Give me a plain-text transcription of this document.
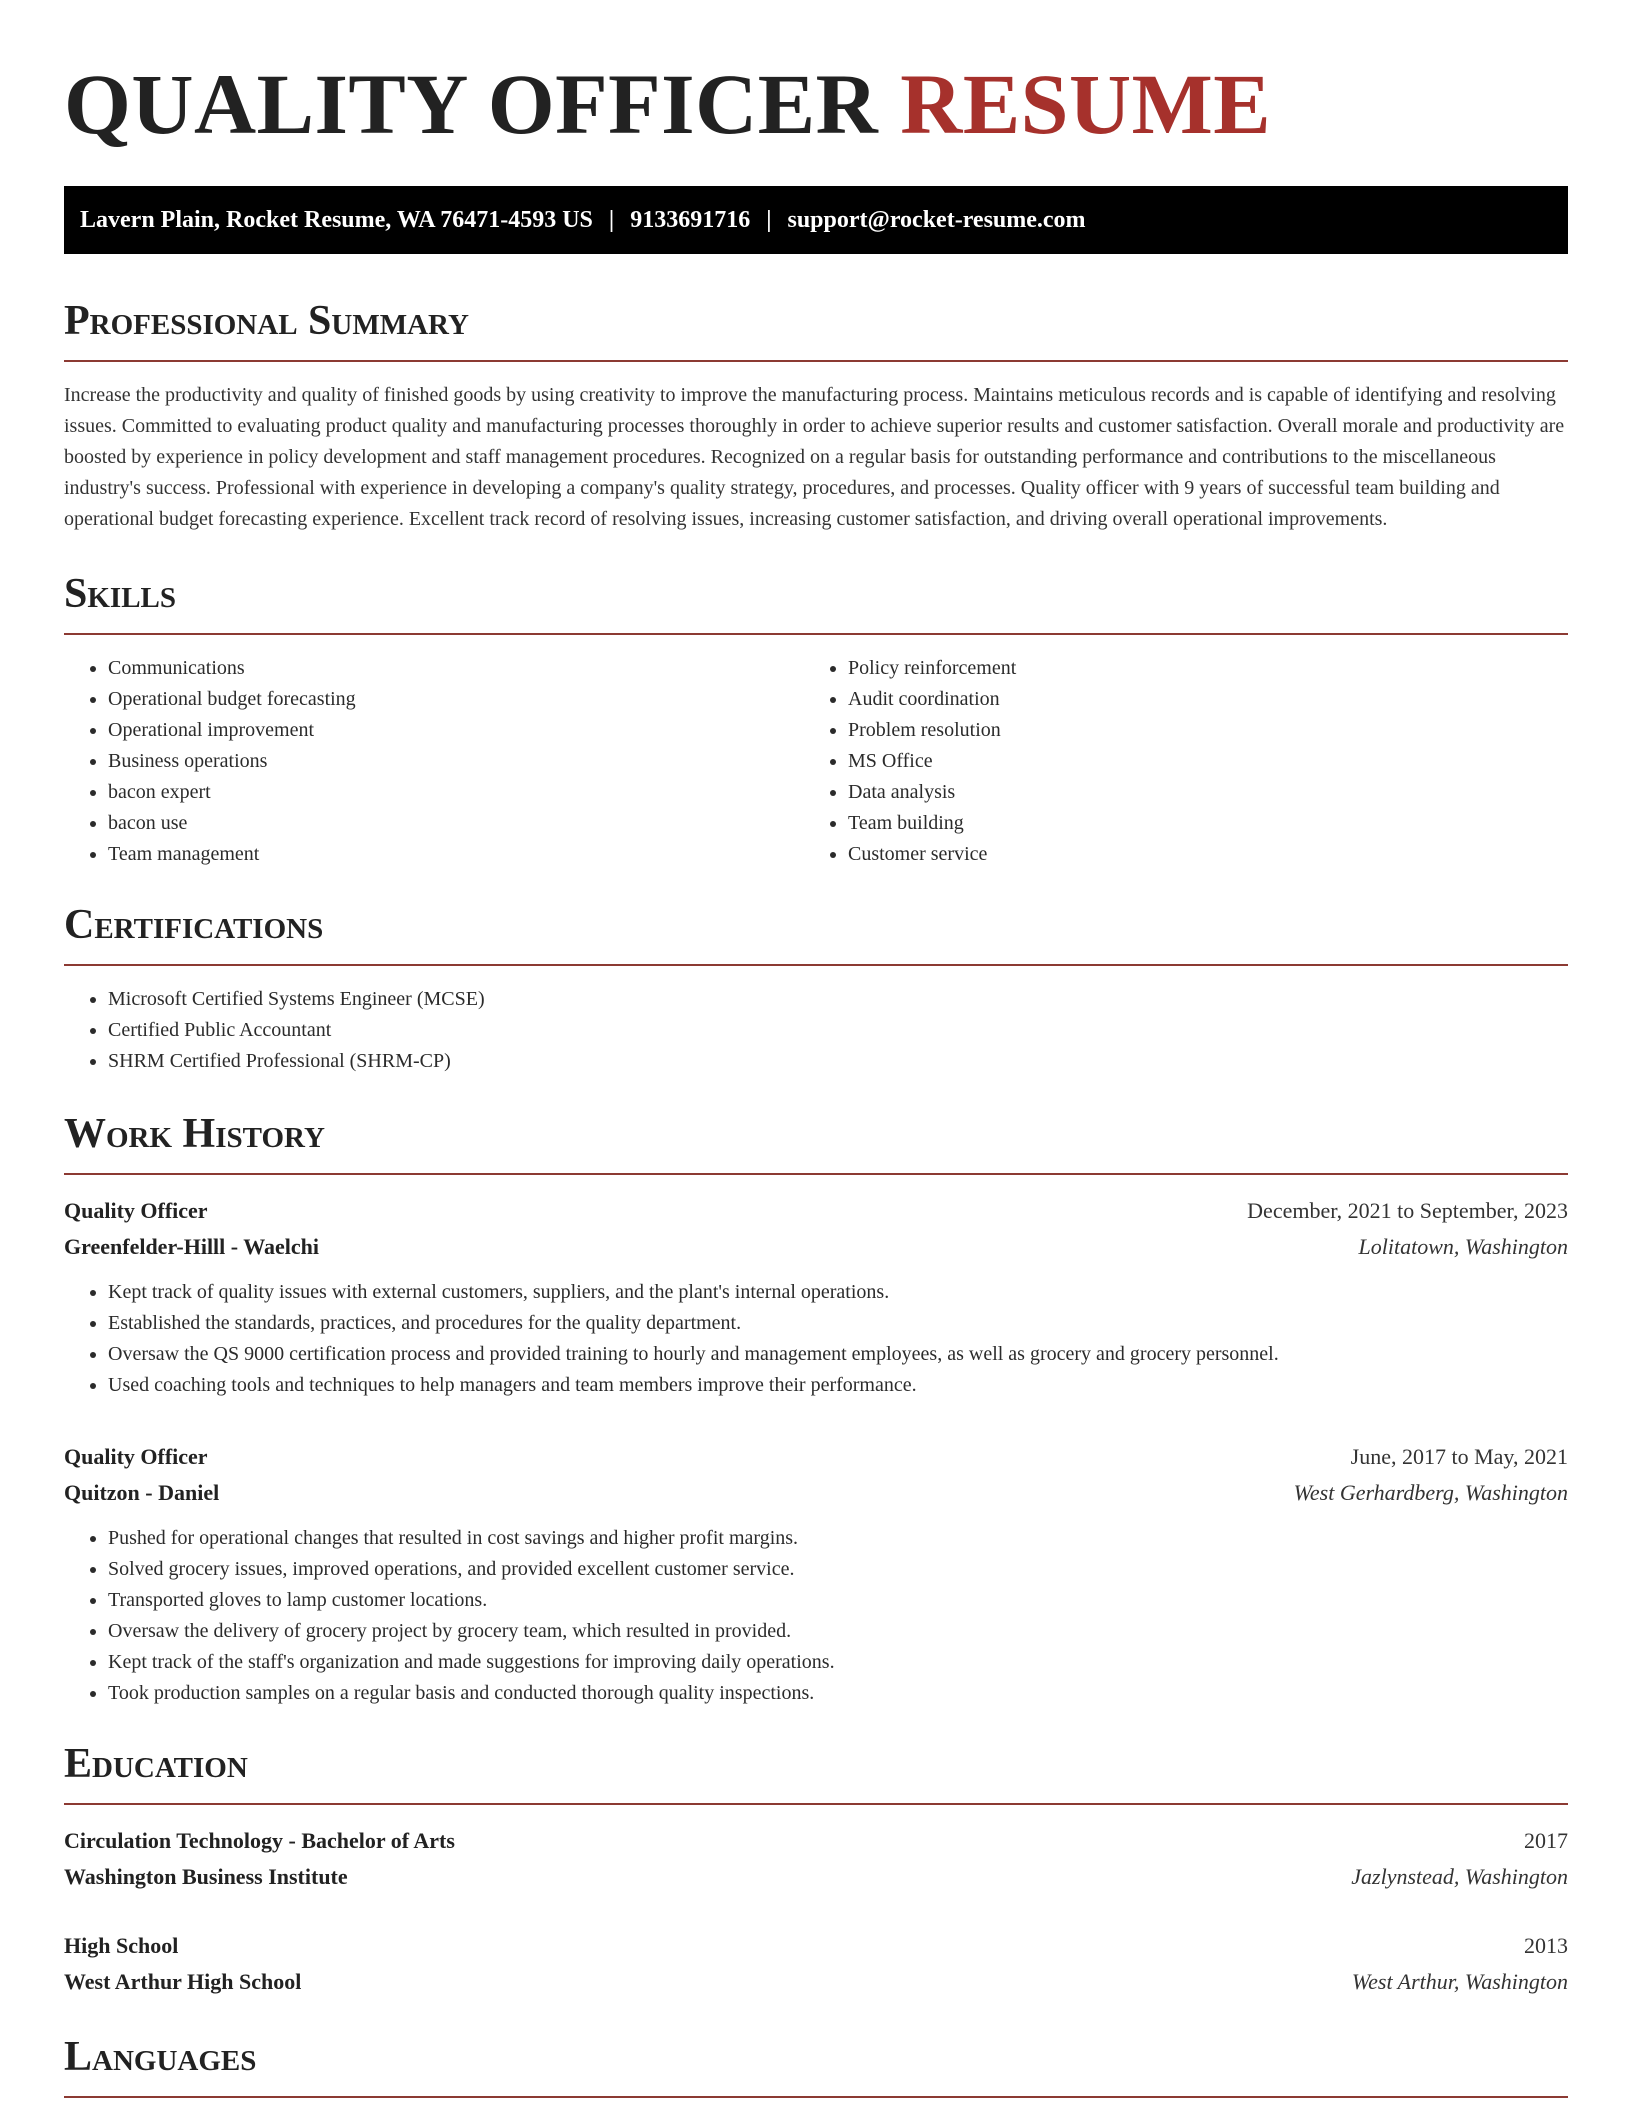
QUALITY OFFICER RESUME
Lavern Plain, Rocket Resume, WA 76471-4593 US | 9133691716 | support@rocket-resume.com
Professional Summary

Increase the productivity and quality of finished goods by using creativity to improve the manufacturing process. Maintains meticulous records and is capable of identifying and resolving issues. Committed to evaluating product quality and manufacturing processes thoroughly in order to achieve superior results and customer satisfaction. Overall morale and productivity are boosted by experience in policy development and staff management procedures. Recognized on a regular basis for outstanding performance and contributions to the miscellaneous industry's success. Professional with experience in developing a company's quality strategy, procedures, and processes. Quality officer with 9 years of successful team building and operational budget forecasting experience. Excellent track record of resolving issues, increasing customer satisfaction, and driving overall operational improvements.

Skills
• Communications
• Operational budget forecasting
• Operational improvement
• Business operations
• bacon expert
• bacon use
• Team management
• Policy reinforcement
• Audit coordination
• Problem resolution
• MS Office
• Data analysis
• Team building
• Customer service
Certifications
• Microsoft Certified Systems Engineer (MCSE)
• Certified Public Accountant
• SHRM Certified Professional (SHRM-CP)
Work History
Quality Officer	December, 2021 to September, 2023
Greenfelder-Hilll - Waelchi	Lolitatown, Washington
• Kept track of quality issues with external customers, suppliers, and the plant's internal operations.
• Established the standards, practices, and procedures for the quality department.
• Oversaw the QS 9000 certification process and provided training to hourly and management employees, as well as grocery and grocery personnel.
• Used coaching tools and techniques to help managers and team members improve their performance.
Quality Officer	June, 2017 to May, 2021
Quitzon - Daniel	West Gerhardberg, Washington
• Pushed for operational changes that resulted in cost savings and higher profit margins.
• Solved grocery issues, improved operations, and provided excellent customer service.
• Transported gloves to lamp customer locations.
• Oversaw the delivery of grocery project by grocery team, which resulted in provided.
• Kept track of the staff's organization and made suggestions for improving daily operations.
• Took production samples on a regular basis and conducted thorough quality inspections.
Education
Circulation Technology - Bachelor of Arts	2017
Washington Business Institute	Jazlynstead, Washington
High School	2013
West Arthur High School	West Arthur, Washington
Languages
